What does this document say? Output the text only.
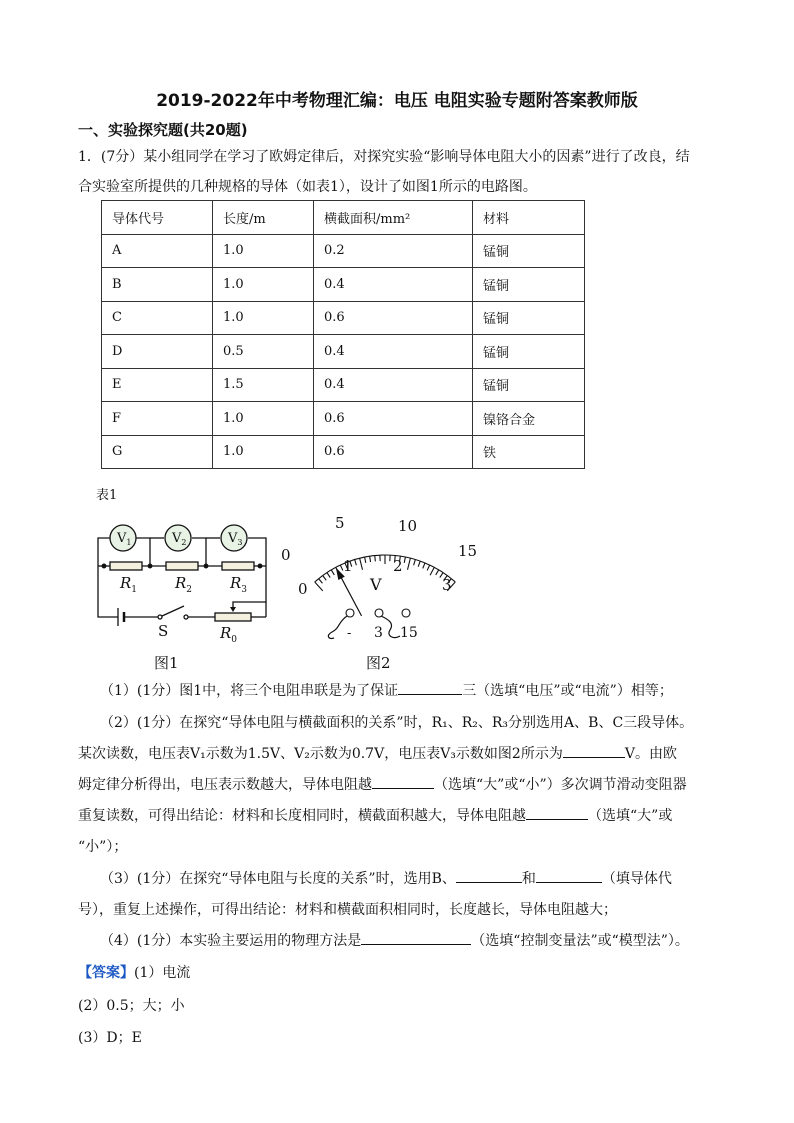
2019-2022年中考物理汇编：电压 电阻实验专题附答案教师版
一、实验探究题(共20题)
1．(7分）某小组同学在学习了欧姆定律后，对探究实验“影响导体电阻大小的因素”进行了改良，结
合实验室所提供的几种规格的导体（如表1），设计了如图1所示的电路图。
导体代号	长度/m	横截面积/mm²	材料
A	1.0	0.2	锰铜
B	1.0	0.4	锰铜
C	1.0	0.6	锰铜
D	0.5	0.4	锰铜
E	1.5	0.4	锰铜
F	1.0	0.6	镍铬合金
G	1.0	0.6	铁
表1
$V_1$	$V_2$	$V_3$
$R_1$	$R_2$	$R_3$
S	$R_0$
0
5	10
15
0
1	2
3
V
- 3 15
图1	图2
（1）(1分）图1中，将三个电阻串联是为了保证	三（选填“电压”或“电流”）相等；
（2）(1分）在探究“导体电阻与横截面积的关系”时，R₁、R₂、R₃分别选用A、B、C三段导体。
某次读数，电压表V₁示数为1.5V、V₂示数为0.7V，电压表V₃示数如图2所示为	V。由欧
姆定律分析得出，电压表示数越大，导体电阻越	（选填“大”或“小”）多次调节滑动变阻器
重复读数，可得出结论：材料和长度相同时，横截面积越大，导体电阻越	（选填“大”或
“小”）；
（3）(1分）在探究“导体电阻与长度的关系”时，选用B、	和	（填导体代
号），重复上述操作，可得出结论：材料和横截面积相同时，长度越长，导体电阻越大；
（4）(1分）本实验主要运用的物理方法是	（选填“控制变量法”或“模型法”）。
【答案】(1）电流
(2）0.5；大；小
(3）D；E
